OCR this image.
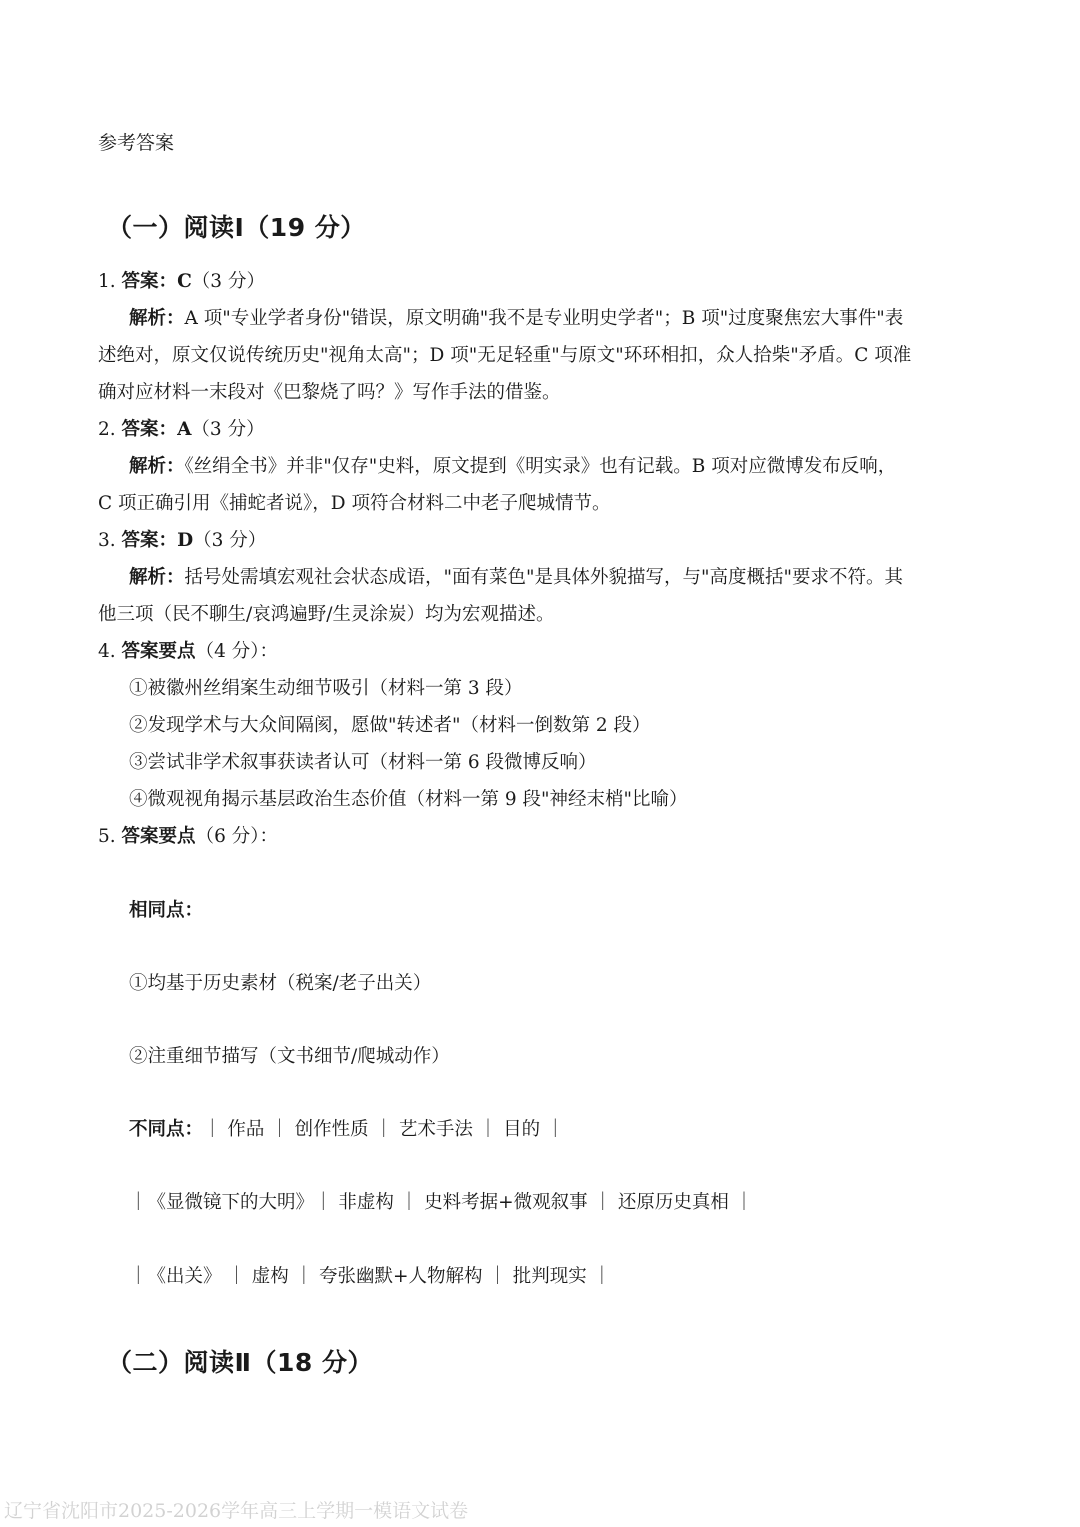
参考答案
（一）阅读Ⅰ（19 分）
1. 答案：C（3 分）
解析：A 项"专业学者身份"错误，原文明确"我不是专业明史学者"；B 项"过度聚焦宏大事件"表
述绝对，原文仅说传统历史"视角太高"；D 项"无足轻重"与原文"环环相扣，众人拾柴"矛盾。C 项准
确对应材料一末段对《巴黎烧了吗？》写作手法的借鉴。
2. 答案：A（3 分）
解析：《丝绢全书》并非"仅存"史料，原文提到《明实录》也有记载。B 项对应微博发布反响，
C 项正确引用《捕蛇者说》，D 项符合材料二中老子爬城情节。
3. 答案：D（3 分）
解析：括号处需填宏观社会状态成语，"面有菜色"是具体外貌描写，与"高度概括"要求不符。其
他三项（民不聊生/哀鸿遍野/生灵涂炭）均为宏观描述。
4. 答案要点（4 分）：
①被徽州丝绢案生动细节吸引（材料一第 3 段）
②发现学术与大众间隔阂，愿做"转述者"（材料一倒数第 2 段）
③尝试非学术叙事获读者认可（材料一第 6 段微博反响）
④微观视角揭示基层政治生态价值（材料一第 9 段"神经末梢"比喻）
5. 答案要点（6 分）：
相同点：
①均基于历史素材（税案/老子出关）
②注重细节描写（文书细节/爬城动作）
不同点：｜ 作品 ｜ 创作性质 ｜ 艺术手法 ｜ 目的 ｜
｜《显微镜下的大明》｜ 非虚构 ｜ 史料考据+微观叙事 ｜ 还原历史真相 ｜
｜《出关》 ｜ 虚构 ｜ 夸张幽默+人物解构 ｜ 批判现实 ｜
（二）阅读Ⅱ（18 分）
辽宁省沈阳市2025-2026学年高三上学期一模语文试卷
